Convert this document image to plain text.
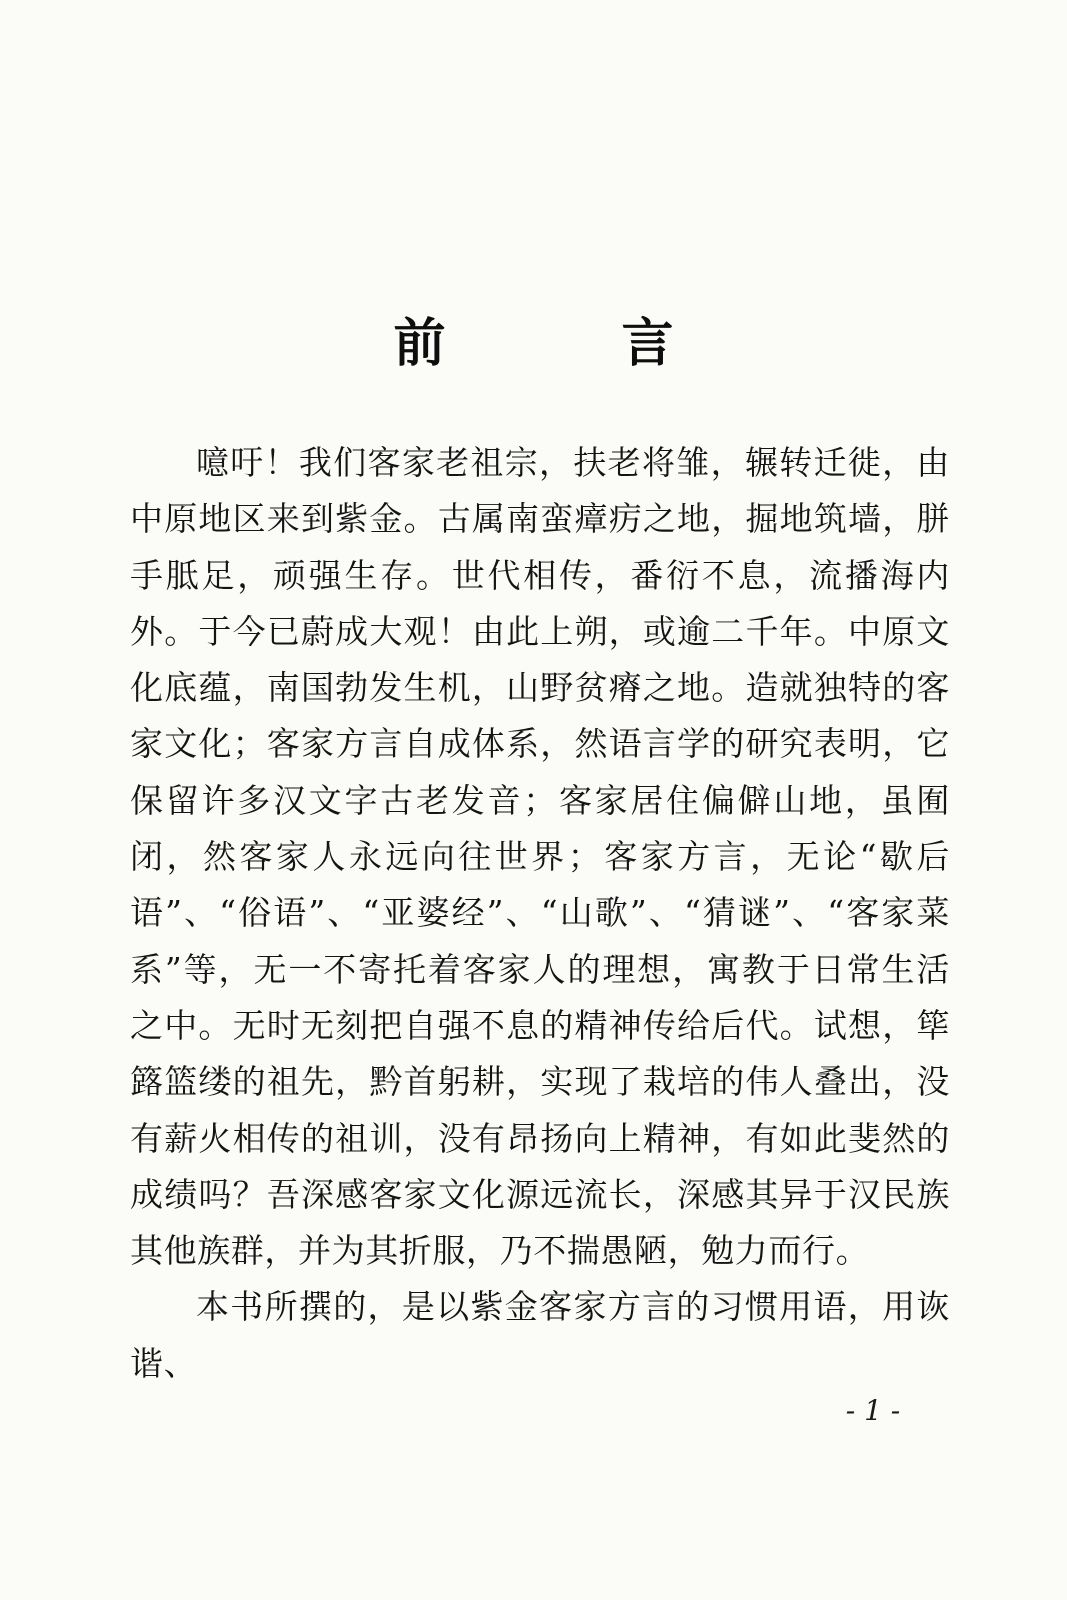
前　言

噫吁！我们客家老祖宗，扶老将雏，辗转迁徙，由中原地区来到紫金。古属南蛮瘴疠之地，掘地筑墙，胼手胝足，顽强生存。世代相传，番衍不息，流播海内外。于今已蔚成大观！由此上朔，或逾二千年。中原文化底蕴，南国勃发生机，山野贫瘠之地。造就独特的客家文化；客家方言自成体系，然语言学的研究表明，它保留许多汉文字古老发音；客家居住偏僻山地，虽囿闭，然客家人永远向往世界；客家方言，无论“歇后语”、“俗语”、“亚婆经”、“山歌”、“猜谜”、“客家菜系”等，无一不寄托着客家人的理想，寓教于日常生活之中。无时无刻把自强不息的精神传给后代。试想，筚簬篮缕的祖先，黔首躬耕，实现了栽培的伟人叠出，没有薪火相传的祖训，没有昂扬向上精神，有如此斐然的成绩吗？吾深感客家文化源远流长，深感其异于汉民族其他族群，并为其折服，乃不揣愚陋，勉力而行。

本书所撰的，是以紫金客家方言的习惯用语，用诙谐、

- 1 -
